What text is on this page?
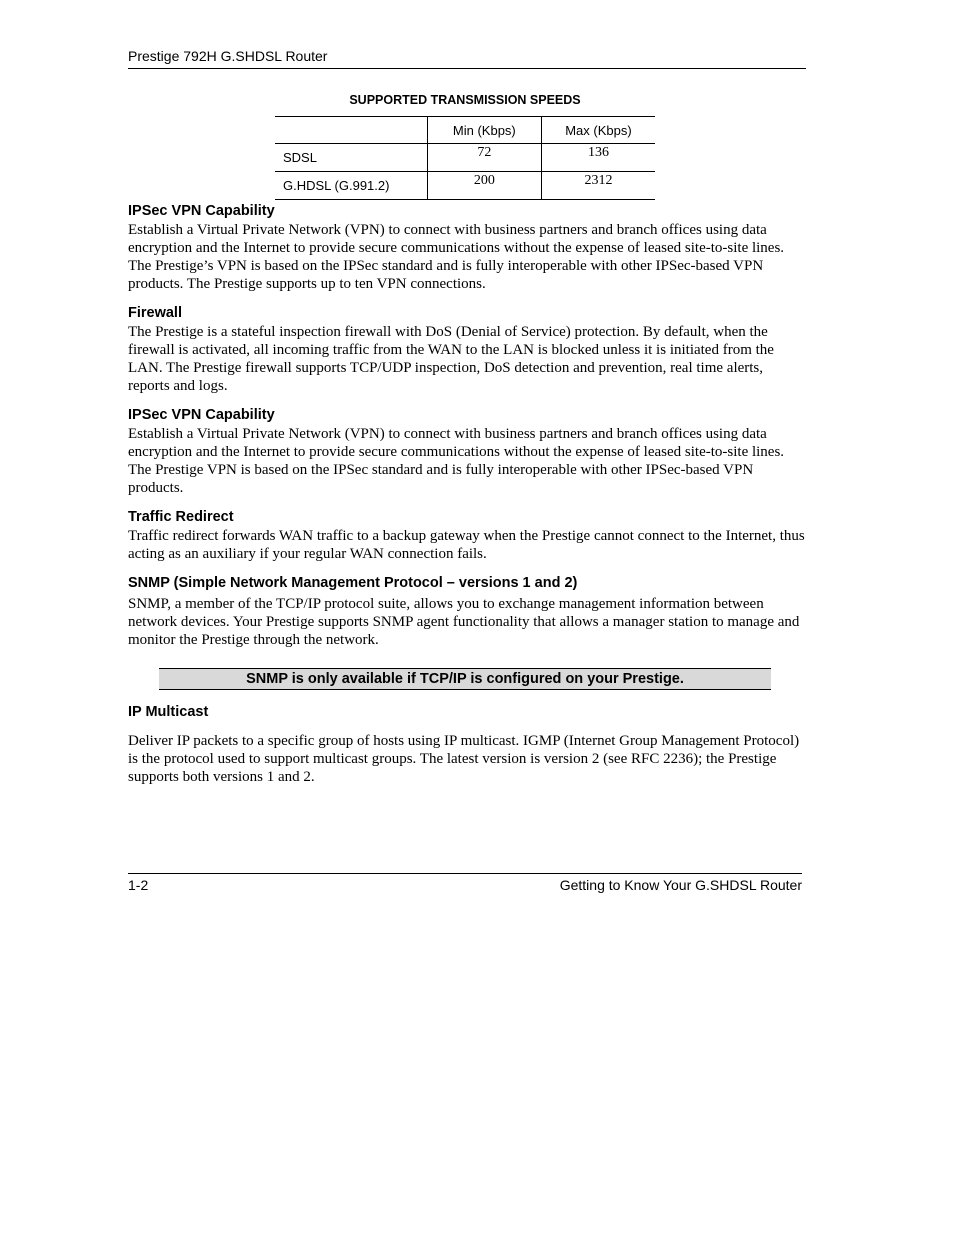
Prestige 792H G.SHDSL Router
SUPPORTED TRANSMISSION SPEEDS
	Min (Kbps)	Max (Kbps)
SDSL	72	136
G.HDSL (G.991.2)	200	2312
IPSec VPN Capability

Establish a Virtual Private Network (VPN) to connect with business partners and branch offices using data encryption and the Internet to provide secure communications without the expense of leased site-to-site lines. The Prestige’s VPN is based on the IPSec standard and is fully interoperable with other IPSec-based VPN products. The Prestige supports up to ten VPN connections.

Firewall

The Prestige is a stateful inspection firewall with DoS (Denial of Service) protection. By default, when the firewall is activated, all incoming traffic from the WAN to the LAN is blocked unless it is initiated from the LAN. The Prestige firewall supports TCP/UDP inspection, DoS detection and prevention, real time alerts, reports and logs.

IPSec VPN Capability

Establish a Virtual Private Network (VPN) to connect with business partners and branch offices using data encryption and the Internet to provide secure communications without the expense of leased site-to-site lines. The Prestige VPN is based on the IPSec standard and is fully interoperable with other IPSec-based VPN products.

Traffic Redirect

Traffic redirect forwards WAN traffic to a backup gateway when the Prestige cannot connect to the Internet, thus acting as an auxiliary if your regular WAN connection fails.

SNMP (Simple Network Management Protocol – versions 1 and 2)

SNMP, a member of the TCP/IP protocol suite, allows you to exchange management information between network devices. Your Prestige supports SNMP agent functionality that allows a manager station to manage and monitor the Prestige through the network.

SNMP is only available if TCP/IP is configured on your Prestige.
IP Multicast

Deliver IP packets to a specific group of hosts using IP multicast. IGMP (Internet Group Management Protocol) is the protocol used to support multicast groups. The latest version is version 2 (see RFC 2236); the Prestige supports both versions 1 and 2.

1-2	Getting to Know Your G.SHDSL Router
